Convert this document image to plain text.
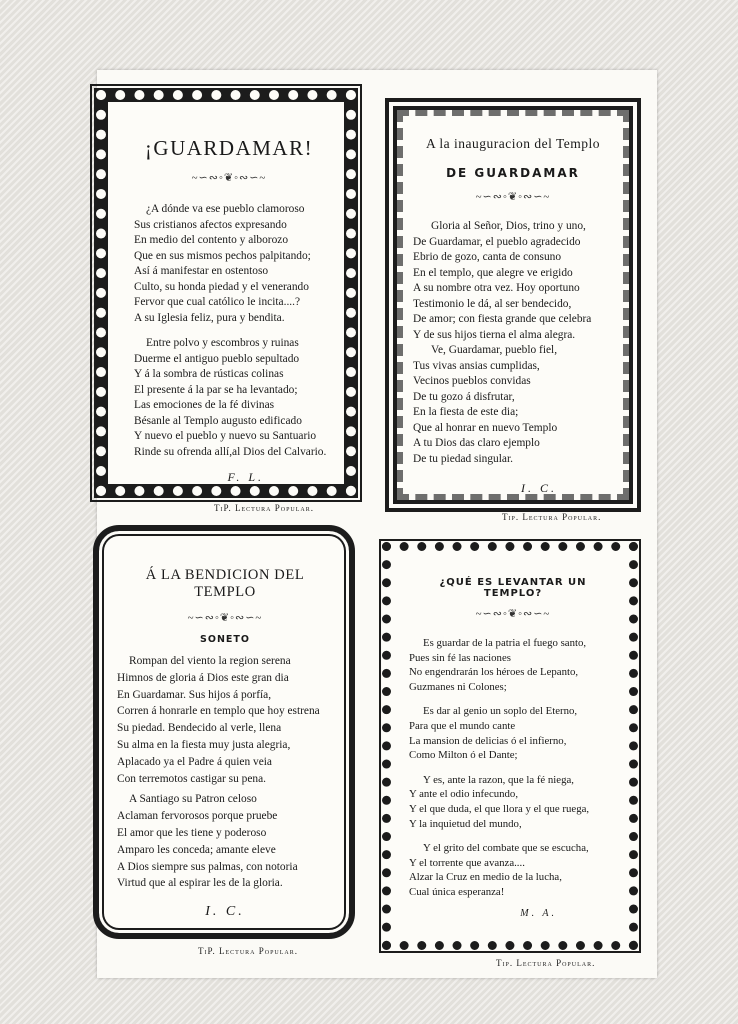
¡GUARDAMAR!
~∽∾◦❦◦∾∽~
¿A dónde va ese pueblo clamoroso
Sus cristianos afectos expresando
En medio del contento y alborozo
Que en sus mismos pechos palpitando;
Así á manifestar en ostentoso
Culto, su honda piedad y el venerando
Fervor que cual católico le incita....?
A su Iglesia feliz, pura y bendita.
Entre polvo y escombros y ruinas
Duerme el antiguo pueblo sepultado
Y á la sombra de rústicas colinas
El presente á la par se ha levantado;
Las emociones de la fé divinas
Bésanle al Templo augusto edificado
Y nuevo el pueblo y nuevo su Santuario
Rinde su ofrenda allí,al Dios del Calvario.
F. L.
TiP. Lectura Popular.
A la inauguracion del Templo
DE GUARDAMAR
~∽∾◦❦◦∾∽~
Gloria al Señor, Dios, trino y uno,
De Guardamar, el pueblo agradecido
Ebrio de gozo, canta de consuno
En el templo, que alegre ve erigido
A su nombre otra vez. Hoy oportuno
Testimonio le dá, al ser bendecido,
De amor; con fiesta grande que celebra
Y de sus hijos tierna el alma alegra.
Ve, Guardamar, pueblo fiel,
Tus vivas ansias cumplidas,
Vecinos pueblos convidas
De tu gozo á disfrutar,
En la fiesta de este dia;
Que al honrar en nuevo Templo
A tu Dios das claro ejemplo
De tu piedad singular.
I. C.
Tip. Lectura Popular.
Á LA BENDICION DEL TEMPLO
~∽∾◦❦◦∾∽~
SONETO
Rompan del viento la region serena
Himnos de gloria á Dios este gran dia
En Guardamar. Sus hijos á porfía,
Corren á honrarle en templo que hoy estrena
Su piedad. Bendecido al verle, llena
Su alma en la fiesta muy justa alegria,
Aplacado ya el Padre á quien veia
Con terremotos castigar su pena.
A Santiago su Patron celoso
Aclaman fervorosos porque pruebe
El amor que les tiene y poderoso
Amparo les conceda; amante eleve
A Dios siempre sus palmas, con notoria
Virtud que al espirar les de la gloria.
I. C.
TiP. Lectura Popular.
¿QUÉ ES LEVANTAR UN TEMPLO?
~∽∾◦❦◦∾∽~
Es guardar de la patria el fuego santo,
Pues sin fé las naciones
No engendrarán los héroes de Lepanto,
Guzmanes ni Colones;
Es dar al genio un soplo del Eterno,
Para que el mundo cante
La mansion de delicias ó el infierno,
Como Milton ó el Dante;
Y es, ante la razon, que la fé niega,
Y ante el odio infecundo,
Y el que duda, el que llora y el que ruega,
Y la inquietud del mundo,
Y el grito del combate que se escucha,
Y el torrente que avanza....
Alzar la Cruz en medio de la lucha,
Cual única esperanza!
M. A.
Tip. Lectura Popular.
